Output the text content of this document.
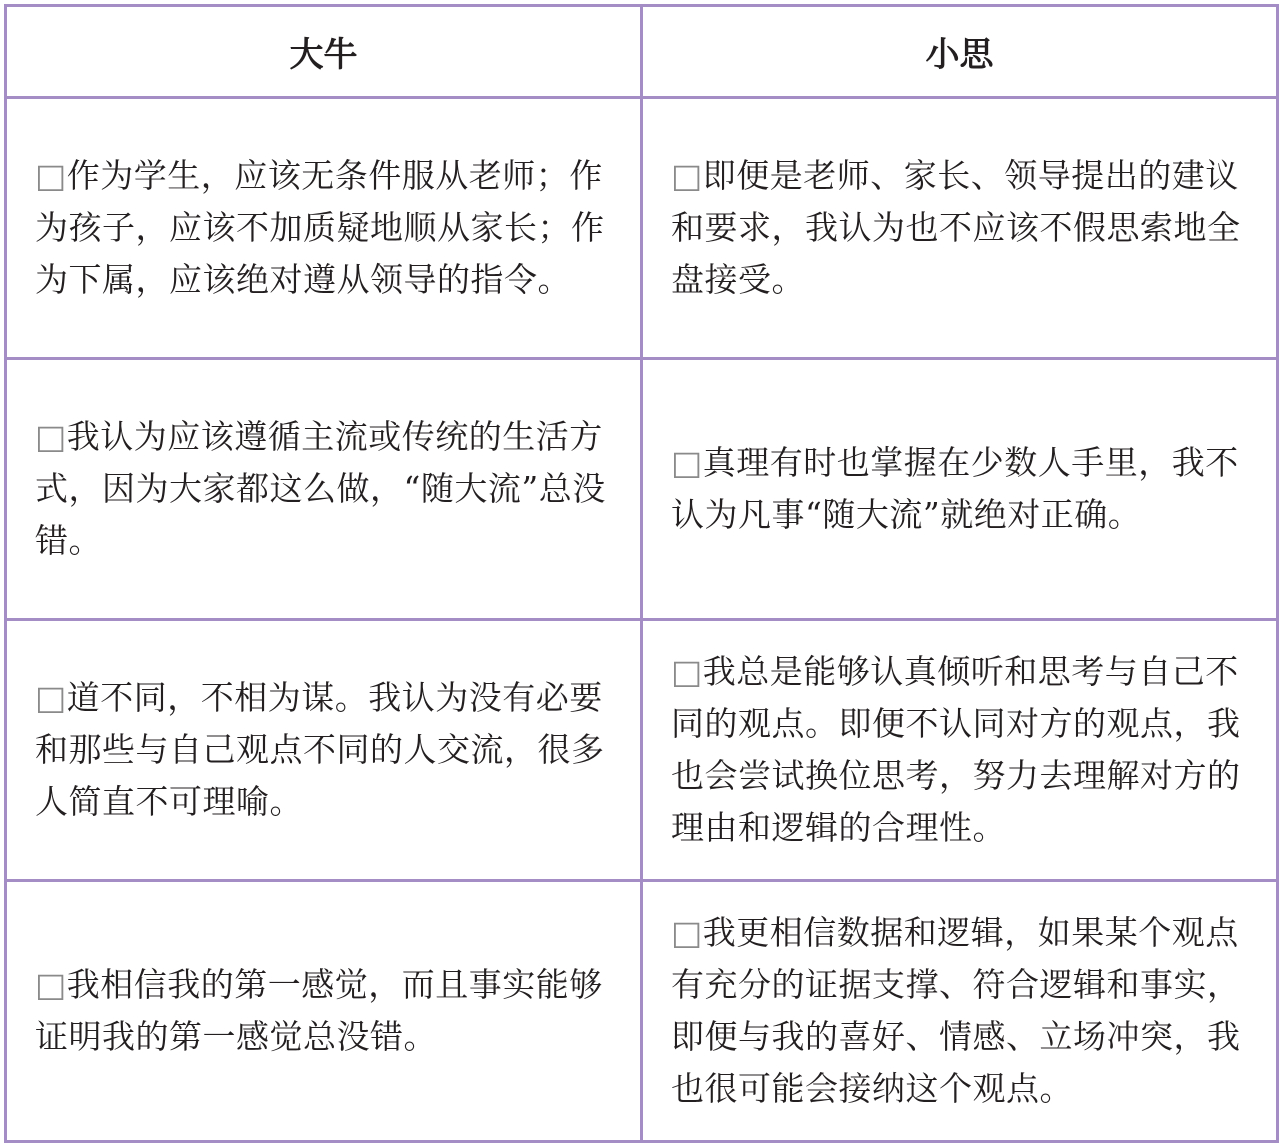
大牛	小思
□作为学生，应该无条件服从老师；作为孩子，应该不加质疑地顺从家长；作为下属，应该绝对遵从领导的指令。	□即便是老师、家长、领导提出的建议和要求，我认为也不应该不假思索地全盘接受。
□我认为应该遵循主流或传统的生活方式，因为大家都这么做，“随大流”总没错。	□真理有时也掌握在少数人手里，我不认为凡事“随大流”就绝对正确。
□道不同，不相为谋。我认为没有必要和那些与自己观点不同的人交流，很多人简直不可理喻。	□我总是能够认真倾听和思考与自己不同的观点。即便不认同对方的观点，我也会尝试换位思考，努力去理解对方的理由和逻辑的合理性。
□我相信我的第一感觉，而且事实能够证明我的第一感觉总没错。	□我更相信数据和逻辑，如果某个观点有充分的证据支撑、符合逻辑和事实，即便与我的喜好、情感、立场冲突，我也很可能会接纳这个观点。
